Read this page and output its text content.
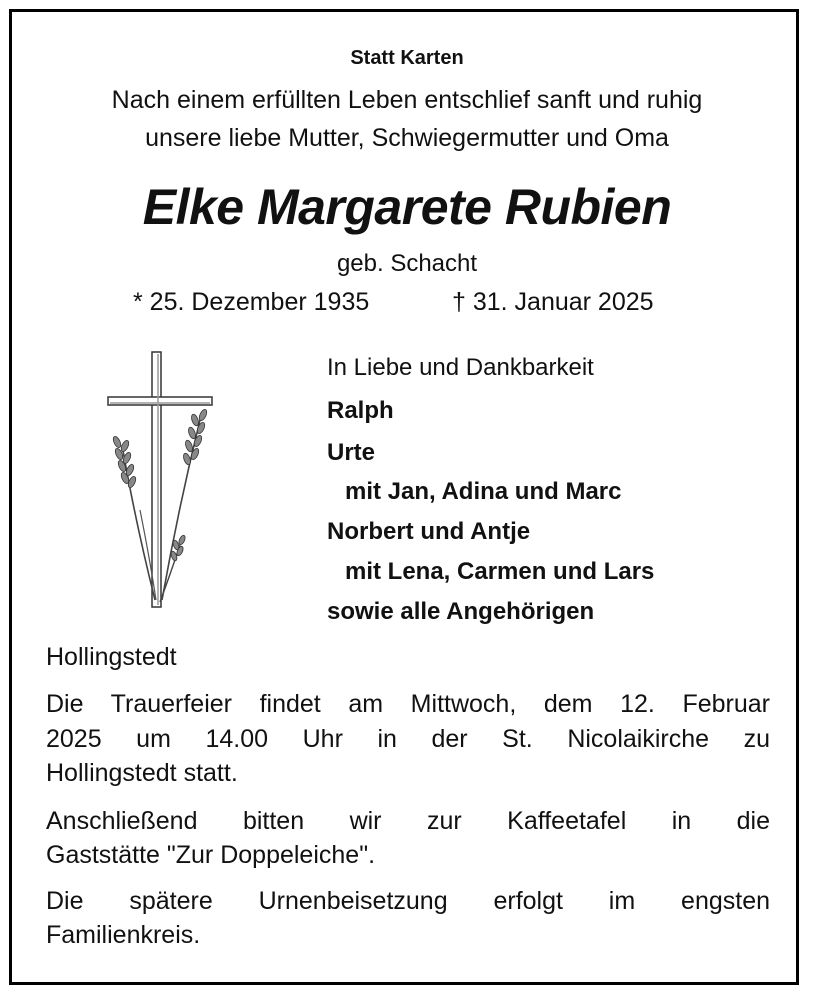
Statt Karten
Nach einem erfüllten Leben entschlief sanft und ruhig
unsere liebe Mutter, Schwiegermutter und Oma
Elke Margarete Rubien
geb. Schacht
* 25. Dezember 1935	† 31. Januar 2025
In Liebe und Dankbarkeit
Ralph
Urte
mit Jan, Adina und Marc
Norbert und Antje
mit Lena, Carmen und Lars
sowie alle Angehörigen
Hollingstedt
Die Trauerfeier findet am Mittwoch, dem 12. Februar
2025 um 14.00 Uhr in der St. Nicolaikirche zu
Hollingstedt statt.
Anschließend bitten wir zur Kaffeetafel in die
Gaststätte "Zur Doppeleiche".
Die spätere Urnenbeisetzung erfolgt im engsten
Familienkreis.
